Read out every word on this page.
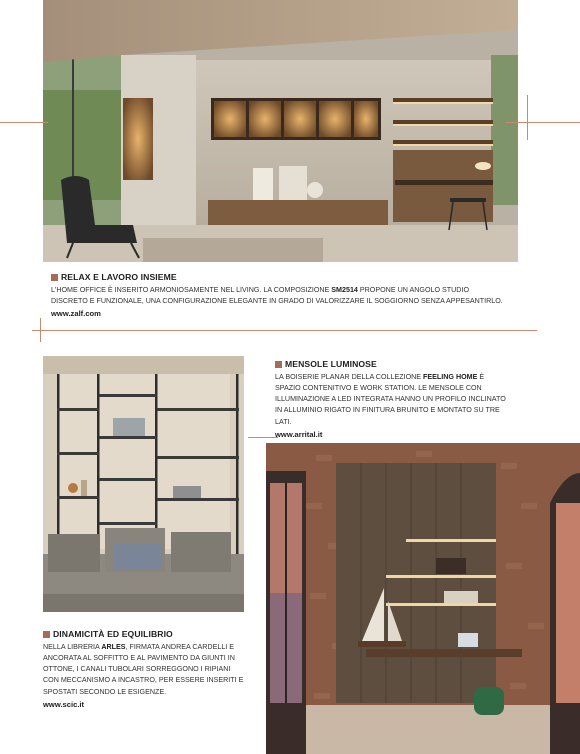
RELAX E LAVORO INSIEME

L'HOME OFFICE È INSERITO ARMONIOSAMENTE NEL LIVING. LA COMPOSIZIONE SM2514 PROPONE UN ANGOLO STUDIO DISCRETO E FUNZIONALE, UNA CONFIGURAZIONE ELEGANTE IN GRADO DI VALORIZZARE IL SOGGIORNO SENZA APPESANTIRLO.

www.zalf.com
MENSOLE LUMINOSE

LA BOISERIE PLANAR DELLA COLLEZIONE FEELING HOME È SPAZIO CONTENITIVO E WORK STATION. LE MENSOLE CON ILLUMINAZIONE A LED INTEGRATA HANNO UN PROFILO INCLINATO IN ALLUMINIO RIGATO IN FINITURA BRUNITO E MONTATO SU TRE LATI.

www.arrital.it
DINAMICITÀ ED EQUILIBRIO

NELLA LIBRERIA ARLES, FIRMATA ANDREA CARDELLI E ANCORATA AL SOFFITTO E AL PAVIMENTO DA GIUNTI IN OTTONE, I CANALI TUBOLARI SORREGGONO I RIPIANI CON MECCANISMO A INCASTRO, PER ESSERE INSERITI E SPOSTATI SECONDO LE ESIGENZE.

www.scic.it
